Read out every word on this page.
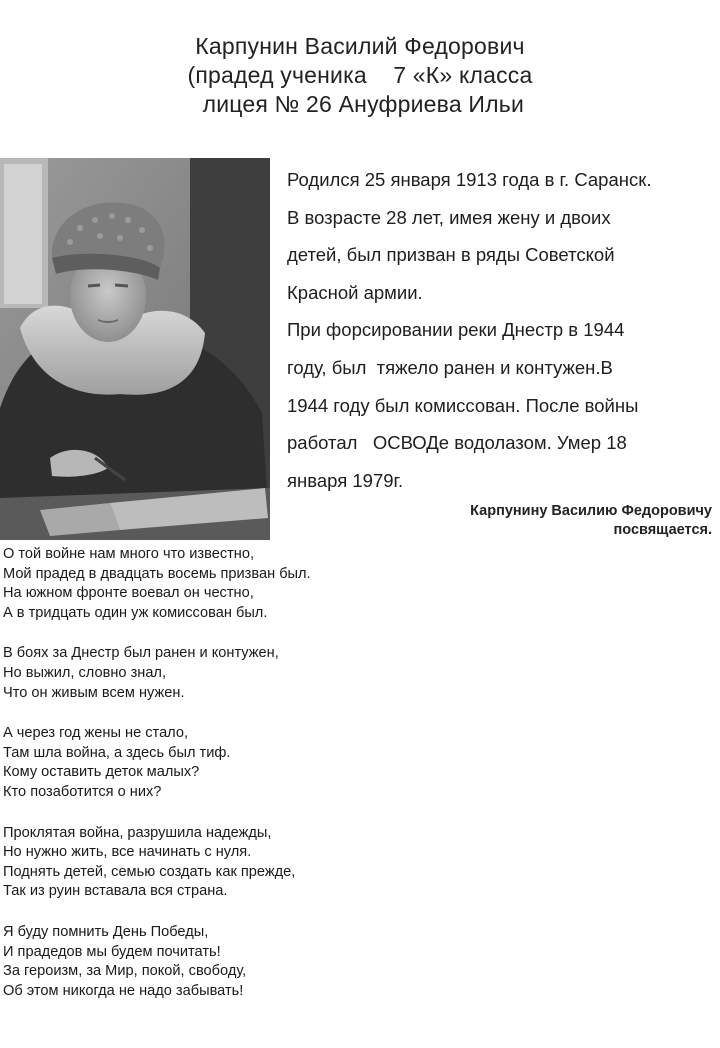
Карпунин Василий Федорович
(прадед ученика    7 «К» класса
лицея № 26 Ануфриева Ильи
Родился 25 января 1913 года в г. Саранск.
В возрасте 28 лет, имея жену и двоих
детей, был призван в ряды Советской
Красной армии.
При форсировании реки Днестр в 1944
году, был  тяжело ранен и контужен.В
1944 году был комиссован. После войны
работал   ОСВОДе водолазом. Умер 18
января 1979г.
Карпунину Василию Федоровичу
посвящается.
О той войне нам много что известно,
Мой прадед в двадцать восемь призван был.
На южном фронте воевал он честно,
А в тридцать один уж комиссован был.
В боях за Днестр был ранен и контужен,
Но выжил, словно знал,
Что он живым всем нужен.
А через год жены не стало,
Там шла война, а здесь был тиф.
Кому оставить деток малых?
Кто позаботится о них?
Проклятая война, разрушила надежды,
Но нужно жить, все начинать с нуля.
Поднять детей, семью создать как прежде,
Так из руин вставала вся страна.
Я буду помнить День Победы,
И прадедов мы будем почитать!
За героизм, за Мир, покой, свободу,
Об этом никогда не надо забывать!
